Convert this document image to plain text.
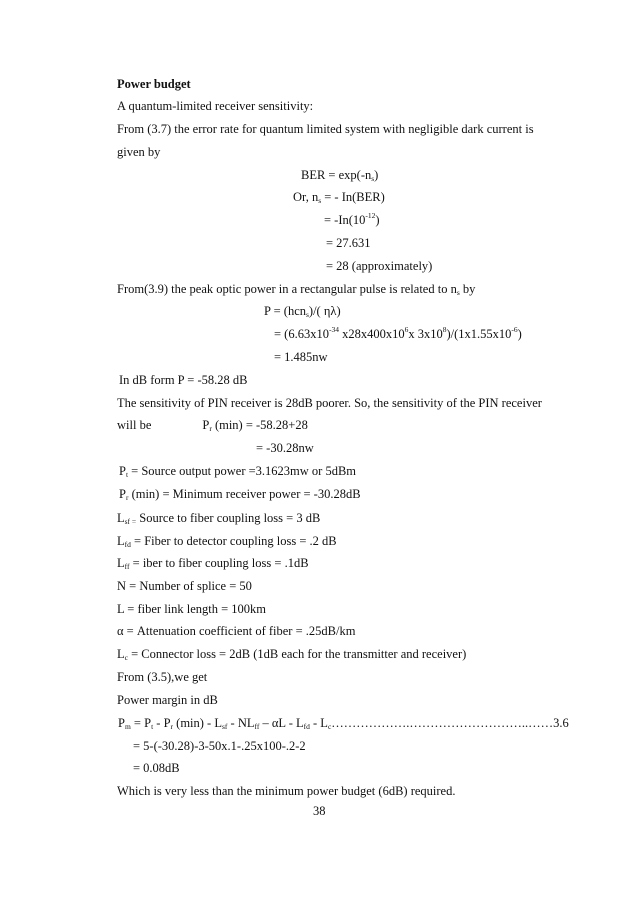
Power budget
A quantum-limited receiver sensitivity:
From (3.7) the error rate for quantum limited system with negligible dark current is
given by
BER = $\exp(-n_s)$
Or, $n_s$ = - In(BER)
= $-In(10^{-12})$
= 27.631
= 28 (approximately)
From(3.9) the peak optic power in a rectangular pulse is related to $n_s$ by
P = (hcn$_s$)/( ηλ)
= ($6.63x10^{-34}$ $x28x400x10^6x$ $3x10^8)/(1x1.55x10^{-6})$
= 1.485nw
In dB form P = -58.28 dB
The sensitivity of PIN receiver is 28dB poorer. So, the sensitivity of the PIN receiver
will be	$P_r$ (min) = -58.28+28
= -30.28nw
$P_t$ = Source output power =3.1623mw or 5dBm
$P_r$ (min) = Minimum receiver power = -30.28dB
$L_{sf =}$ Source to fiber coupling loss = 3 dB
$L_{fd}$ = Fiber to detector coupling loss = .2 dB
$L_{ff}$ = iber to fiber coupling loss = .1dB
N = Number of splice = 50
L = fiber link length = 100km
α = Attenuation coefficient of fiber = .25dB/km
$L_c$ = Connector loss = 2dB (1dB each for the transmitter and receiver)
From (3.5),we get
Power margin in dB
$P_m = P_t - P_r$ $(\min) - L_{sf} - NL_{ff}$ – αL - $L_{fd}$ - $L_c\dots\dots\dots\dots\dots\dots.\dots\dots\dots\dots\dots\dots\dots\dots\dots..\dots\dots 3.6$
= 5-(-30.28)-3-50x.1-.25x100-.2-2
= 0.08dB
Which is very less than the minimum power budget (6dB) required.
38
